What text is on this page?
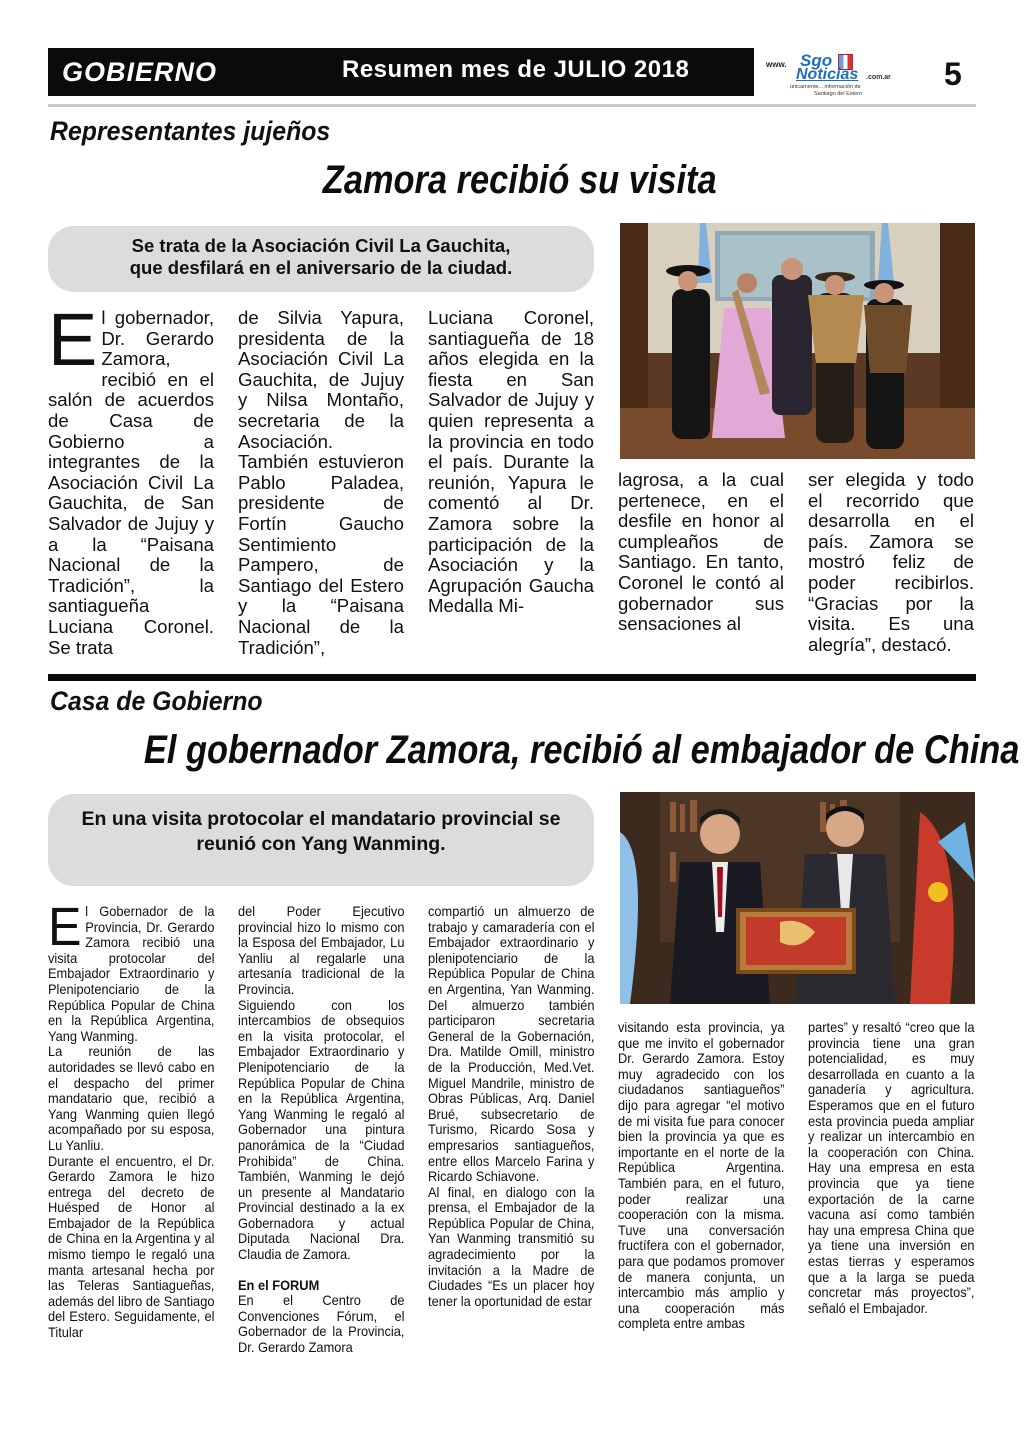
GOBIERNO	Resumen mes de JULIO 2018	www. Sgo
Noticias .com.ar
únicamente... información de
Santiago del Estero
5
Representantes jujeños
Zamora recibió su visita
Se trata de la Asociación Civil La Gauchita,
que desfilará en el aniversario de la ciudad.
El gobernador, Dr. Gerardo Zamora, recibió en el salón de acuerdos de Casa de Gobierno a integrantes de la Asociación Civil La Gauchita, de San Salvador de Jujuy y a la “Paisana Nacional de la Tradición”, la santiagueña Luciana Coronel. Se trata
de Silvia Yapura, presidenta de la Asociación Civil La Gauchita, de Jujuy y Nilsa Montaño, secretaria de la Asociación. También estuvieron Pablo Paladea, presidente de Fortín Gaucho Sentimiento Pampero, de Santiago del Estero y la “Paisana Nacional de la Tradición”,
Luciana Coronel, santiagueña de 18 años elegida en la fiesta en San Salvador de Jujuy y quien representa a la provincia en todo el país. Durante la reunión, Yapura le comentó al Dr. Zamora sobre la participación de la Asociación y la Agrupación Gaucha Medalla Mi-
lagrosa, a la cual pertenece, en el desfile en honor al cumpleaños de Santiago. En tanto, Coronel le contó al gobernador sus sensaciones al
ser elegida y todo el recorrido que desarrolla en el país. Zamora se mostró feliz de poder recibirlos. “Gracias por la visita. Es una alegría”, destacó.
Casa de Gobierno
El gobernador Zamora, recibió al embajador de China
En una visita protocolar el mandatario provincial se
reunió con Yang Wanming.

El Gobernador de la Provincia, Dr. Gerardo Zamora recibió una visita protocolar del Embajador Extraordinario y Plenipotenciario de la República Popular de China en la República Argentina, Yang Wanming.

La reunión de las autoridades se llevó cabo en el despacho del primer mandatario que, recibió a Yang Wanming quien llegó acompañado por su esposa, Lu Yanliu.

Durante el encuentro, el Dr. Gerardo Zamora le hizo entrega del decreto de Huésped de Honor al Embajador de la República de China en la Argentina y al mismo tiempo le regaló una manta artesanal hecha por las Teleras Santiagueñas, además del libro de Santiago del Estero. Seguidamente, el Titular

del Poder Ejecutivo provincial hizo lo mismo con la Esposa del Embajador, Lu Yanliu al regalarle una artesanía tradicional de la Provincia.

Siguiendo con los intercambios de obsequios en la visita protocolar, el Embajador Extraordinario y Plenipotenciario de la República Popular de China en la República Argentina, Yang Wanming le regaló al Gobernador una pintura panorámica de la “Ciudad Prohibida” de China. También, Wanming le dejó un presente al Mandatario Provincial destinado a la ex Gobernadora y actual Diputada Nacional Dra. Claudia de Zamora.

En el FORUM

En el Centro de Convenciones Fórum, el Gobernador de la Provincia, Dr. Gerardo Zamora

compartió un almuerzo de trabajo y camaradería con el Embajador extraordinario y plenipotenciario de la República Popular de China en Argentina, Yan Wanming. Del almuerzo también participaron secretaria General de la Gobernación, Dra. Matilde Omill, ministro de la Producción, Med.Vet. Miguel Mandrile, ministro de Obras Públicas, Arq. Daniel Brué, subsecretario de Turismo, Ricardo Sosa y empresarios santiagueños, entre ellos Marcelo Farina y Ricardo Schiavone.

Al final, en dialogo con la prensa, el Embajador de la República Popular de China, Yan Wanming transmitió su agradecimiento por la invitación a la Madre de Ciudades “Es un placer hoy tener la oportunidad de estar

visitando esta provincia, ya que me invito el gobernador Dr. Gerardo Zamora. Estoy muy agradecido con los ciudadanos santiagueños” dijo para agregar “el motivo de mi visita fue para conocer bien la provincia ya que es importante en el norte de la República Argentina. También para, en el futuro, poder realizar una cooperación con la misma. Tuve una conversación fructífera con el gobernador, para que podamos promover de manera conjunta, un intercambio más amplio y una cooperación más completa entre ambas
partes” y resaltó “creo que la provincia tiene una gran potencialidad, es muy desarrollada en cuanto a la ganadería y agricultura. Esperamos que en el futuro esta provincia pueda ampliar y realizar un intercambio en la cooperación con China. Hay una empresa en esta provincia que ya tiene exportación de la carne vacuna así como también hay una empresa China que ya tiene una inversión en estas tierras y esperamos que a la larga se pueda concretar más proyectos”, señaló el Embajador.
